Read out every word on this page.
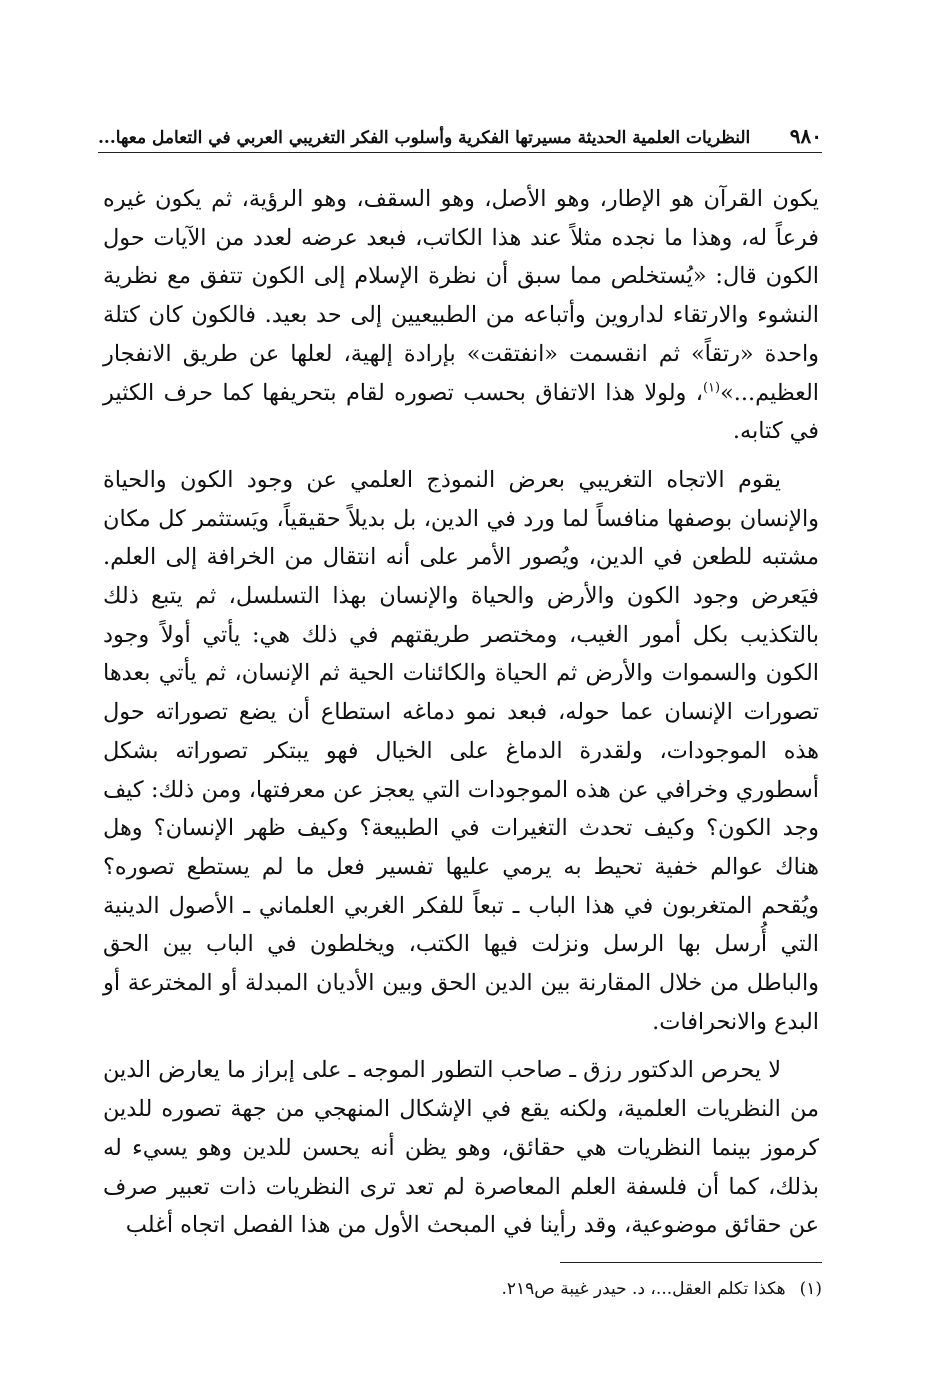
٩٨٠
النظريات العلمية الحديثة مسيرتها الفكرية وأسلوب الفكر التغريبي العربي في التعامل معها...

يكون القرآن هو الإطار، وهو الأصل، وهو السقف، وهو الرؤية، ثم يكون غيره فرعاً له، وهذا ما نجده مثلاً عند هذا الكاتب، فبعد عرضه لعدد من الآيات حول الكون قال: «يُستخلص مما سبق أن نظرة الإسلام إلى الكون تتفق مع نظرية النشوء والارتقاء لداروين وأتباعه من الطبيعيين إلى حد بعيد. فالكون كان كتلة واحدة «رتقاً» ثم انقسمت «انفتقت» بإرادة إلهية، لعلها عن طريق الانفجار العظيم...»$^{(١)}$، ولولا هذا الاتفاق بحسب تصوره لقام بتحريفها كما حرف الكثير في كتابه.

يقوم الاتجاه التغريبي بعرض النموذج العلمي عن وجود الكون والحياة والإنسان بوصفها منافساً لما ورد في الدين، بل بديلاً حقيقياً، ويَستثمر كل مكان مشتبه للطعن في الدين، ويُصور الأمر على أنه انتقال من الخرافة إلى العلم. فيَعرض وجود الكون والأرض والحياة والإنسان بهذا التسلسل، ثم يتبع ذلك بالتكذيب بكل أمور الغيب، ومختصر طريقتهم في ذلك هي: يأتي أولاً وجود الكون والسموات والأرض ثم الحياة والكائنات الحية ثم الإنسان، ثم يأتي بعدها تصورات الإنسان عما حوله، فبعد نمو دماغه استطاع أن يضع تصوراته حول هذه الموجودات، ولقدرة الدماغ على الخيال فهو يبتكر تصوراته بشكل أسطوري وخرافي عن هذه الموجودات التي يعجز عن معرفتها، ومن ذلك: كيف وجد الكون؟ وكيف تحدث التغيرات في الطبيعة؟ وكيف ظهر الإنسان؟ وهل هناك عوالم خفية تحيط به يرمي عليها تفسير فعل ما لم يستطع تصوره؟ ويُقحم المتغربون في هذا الباب ـ تبعاً للفكر الغربي العلماني ـ الأصول الدينية التي أُرسل بها الرسل ونزلت فيها الكتب، ويخلطون في الباب بين الحق والباطل من خلال المقارنة بين الدين الحق وبين الأديان المبدلة أو المخترعة أو البدع والانحرافات.

لا يحرص الدكتور رزق ـ صاحب التطور الموجه ـ على إبراز ما يعارض الدين من النظريات العلمية، ولكنه يقع في الإشكال المنهجي من جهة تصوره للدين كرموز بينما النظريات هي حقائق، وهو يظن أنه يحسن للدين وهو يسيء له بذلك، كما أن فلسفة العلم المعاصرة لم تعد ترى النظريات ذات تعبير صرف عن حقائق موضوعية، وقد رأينا في المبحث الأول من هذا الفصل اتجاه أغلب

(١)هكذا تكلم العقل...، د. حيدر غيبة ص٢١٩.
